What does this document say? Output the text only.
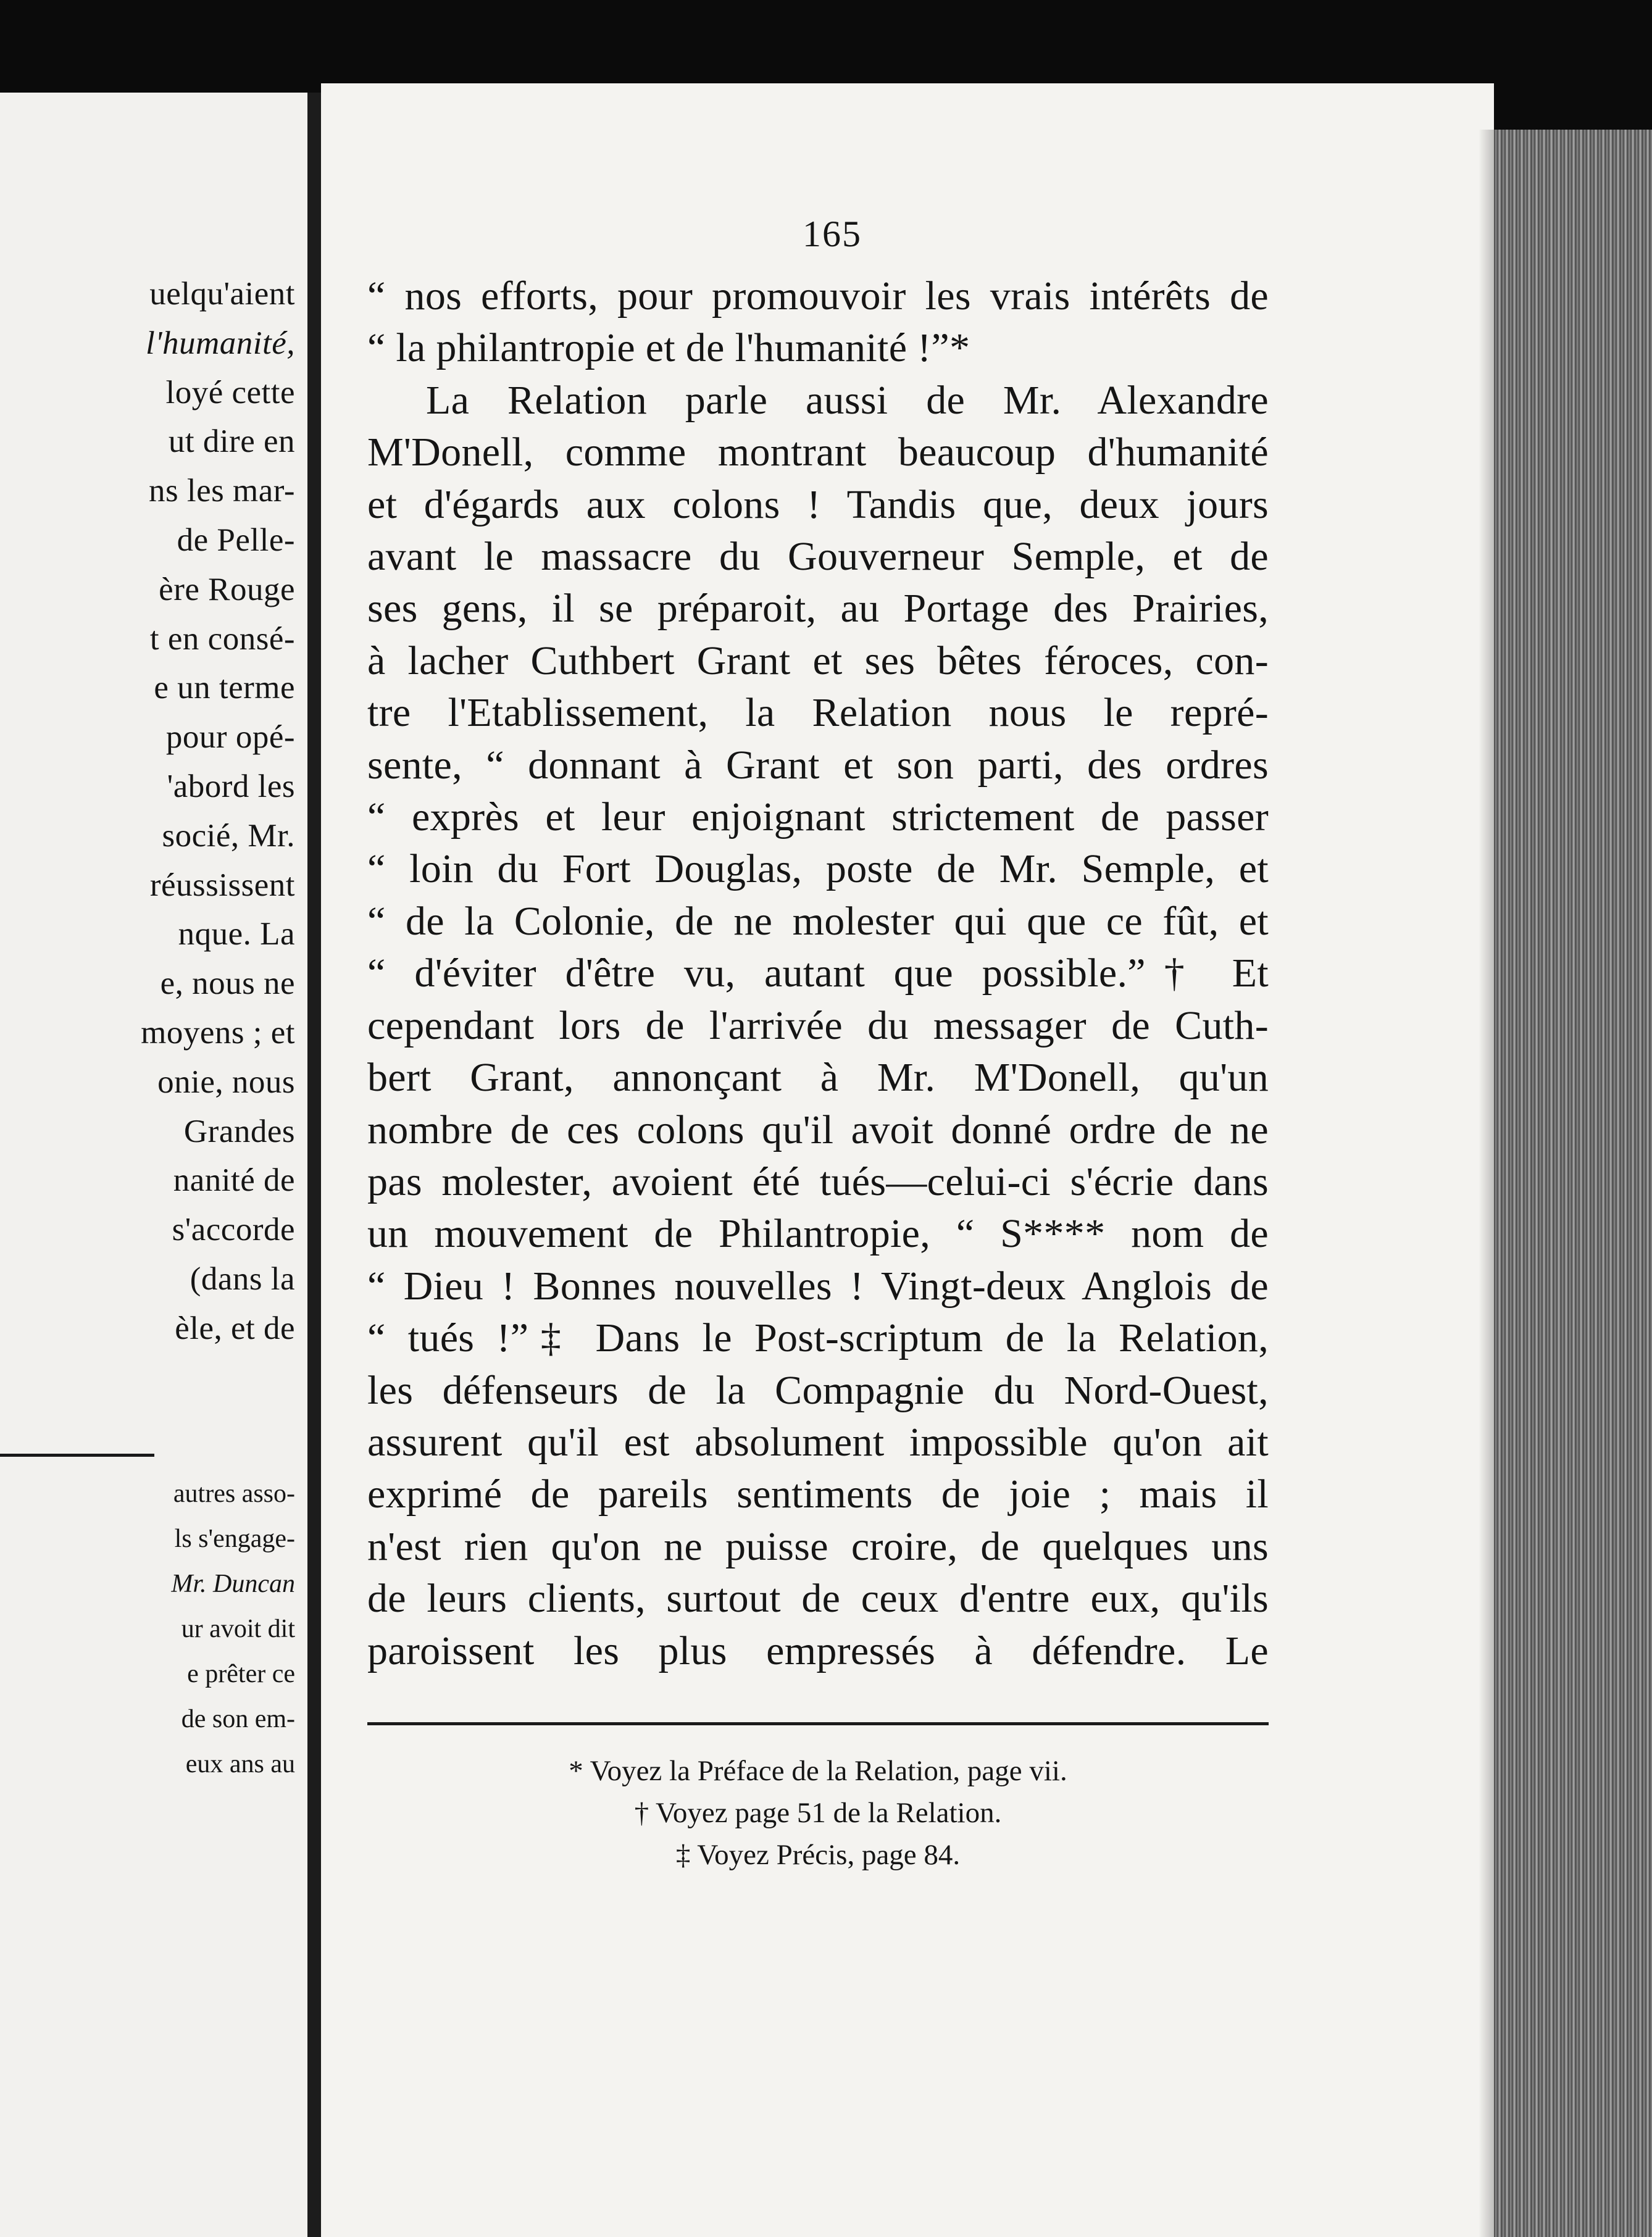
uelqu'aient
l'humanité,
loyé cette
ut dire en
ns les mar-
de Pelle-
ère Rouge
t en consé-
e un terme
pour opé-
'abord les
socié, Mr.
réussissent
nque. La
e, nous ne
moyens ; et
onie, nous
Grandes
nanité de
s'accorde
(dans la
èle, et de
autres asso-
ls s'engage-
Mr. Duncan
ur avoit dit
e prêter ce
de son em-
eux ans au
165
“ nos efforts, pour promouvoir les vrais intérêts de
“ la philantropie et de l'humanité !”*
La Relation parle aussi de Mr. Alexandre
M'Donell, comme montrant beaucoup d'humanité
et d'égards aux colons ! Tandis que, deux jours
avant le massacre du Gouverneur Semple, et de
ses gens, il se préparoit, au Portage des Prairies,
à lacher Cuthbert Grant et ses bêtes féroces, con-
tre l'Etablissement, la Relation nous le repré-
sente, “ donnant à Grant et son parti, des ordres
“ exprès et leur enjoignant strictement de passer
“ loin du Fort Douglas, poste de Mr. Semple, et
“ de la Colonie, de ne molester qui que ce fût, et
“ d'éviter d'être vu, autant que possible.”† Et
cependant lors de l'arrivée du messager de Cuth-
bert Grant, annonçant à Mr. M'Donell, qu'un
nombre de ces colons qu'il avoit donné ordre de ne
pas molester, avoient été tués—celui-ci s'écrie dans
un mouvement de Philantropie, “ S**** nom de
“ Dieu ! Bonnes nouvelles ! Vingt-deux Anglois de
“ tués !”‡ Dans le Post-scriptum de la Relation,
les défenseurs de la Compagnie du Nord-Ouest,
assurent qu'il est absolument impossible qu'on ait
exprimé de pareils sentiments de joie ; mais il
n'est rien qu'on ne puisse croire, de quelques uns
de leurs clients, surtout de ceux d'entre eux, qu'ils
paroissent les plus empressés à défendre. Le
* Voyez la Préface de la Relation, page vii.
† Voyez page 51 de la Relation.
‡ Voyez Précis, page 84.
